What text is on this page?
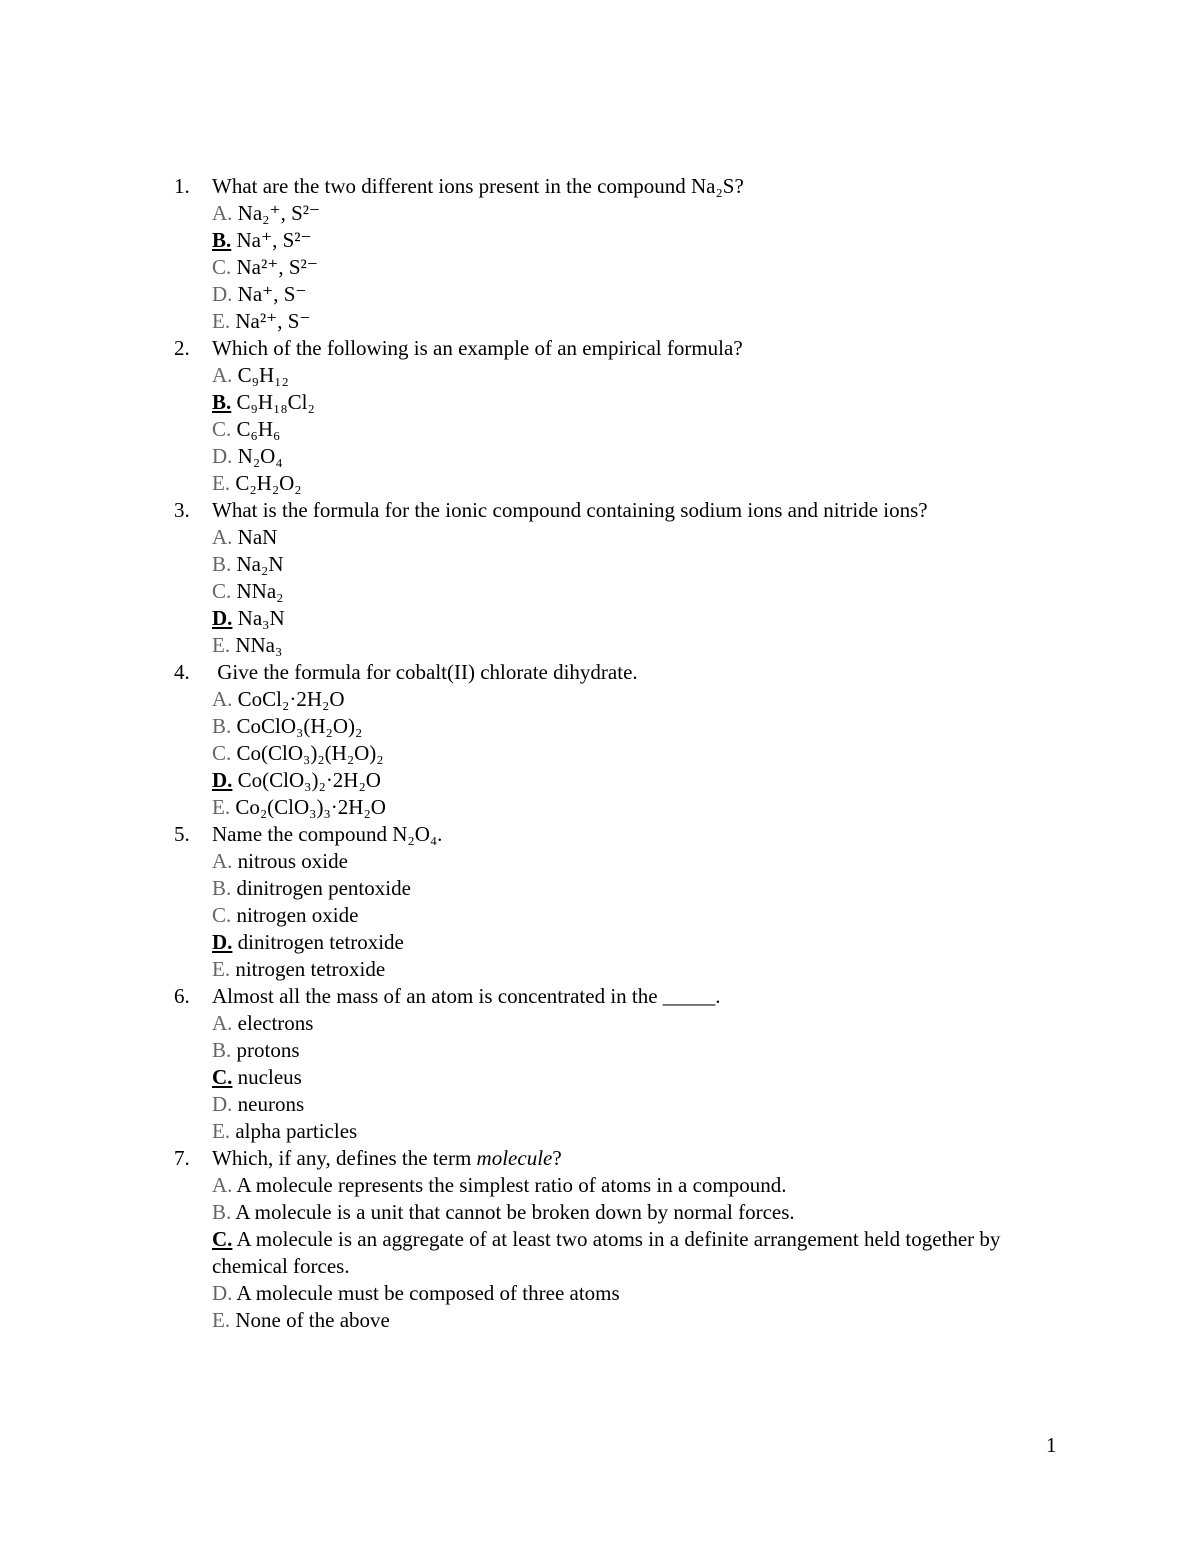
1. What are the two different ions present in the compound Na₂S?
A. Na₂⁺, S²⁻
B. Na⁺, S²⁻
C. Na²⁺, S²⁻
D. Na⁺, S⁻
E. Na²⁺, S⁻
2. Which of the following is an example of an empirical formula?
A. C₉H₁₂
B. C₉H₁₈Cl₂
C. C₆H₆
D. N₂O₄
E. C₂H₂O₂
3. What is the formula for the ionic compound containing sodium ions and nitride ions?
A. NaN
B. Na₂N
C. NNa₂
D. Na₃N
E. NNa₃
4. Give the formula for cobalt(II) chlorate dihydrate.
A. CoCl₂·2H₂O
B. CoClO₃(H₂O)₂
C. Co(ClO₃)₂(H₂O)₂
D. Co(ClO₃)₂·2H₂O
E. Co₂(ClO₃)₃·2H₂O
5. Name the compound N₂O₄.
A. nitrous oxide
B. dinitrogen pentoxide
C. nitrogen oxide
D. dinitrogen tetroxide
E. nitrogen tetroxide
6. Almost all the mass of an atom is concentrated in the _____.
A. electrons
B. protons
C. nucleus
D. neurons
E. alpha particles
7. Which, if any, defines the term molecule?
A. A molecule represents the simplest ratio of atoms in a compound.
B. A molecule is a unit that cannot be broken down by normal forces.
C. A molecule is an aggregate of at least two atoms in a definite arrangement held together by chemical forces.
D. A molecule must be composed of three atoms
E. None of the above
1
